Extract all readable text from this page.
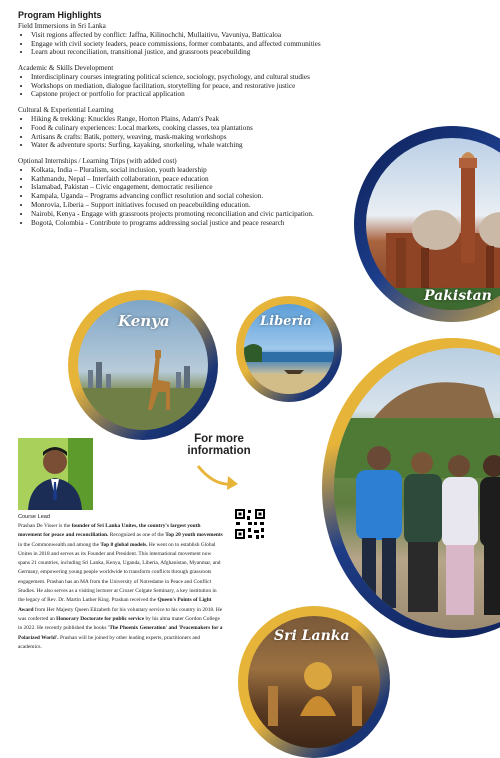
Program Highlights
Field Immersions in Sri Lanka
• Visit regions affected by conflict: Jaffna, Kilinochchi, Mullaitivu, Vavuniya, Batticaloa
• Engage with civil society leaders, peace commissions, former combatants, and affected communities
• Learn about reconciliation, transitional justice, and grassroots peacebuilding
Academic & Skills Development
• Interdisciplinary courses integrating political science, sociology, psychology, and cultural studies
• Workshops on mediation, dialogue facilitation, storytelling for peace, and restorative justice
• Capstone project or portfolio for practical application
Cultural & Experiential Learning
• Hiking & trekking: Knuckles Range, Horton Plains, Adam's Peak
• Food & culinary experiences: Local markets, cooking classes, tea plantations
• Artisans & crafts: Batik, pottery, weaving, mask-making workshops
• Water & adventure sports: Surfing, kayaking, snorkeling, whale watching
Optional Internships / Learning Trips (with added cost)
• Kolkata, India – Pluralism, social inclusion, youth leadership
• Kathmandu, Nepal – Interfaith collaboration, peace education
• Islamabad, Pakistan – Civic engagement, democratic resilience
• Kampala, Uganda – Programs advancing conflict resolution and social cohesion.
• Monrovia, Liberia – Support initiatives focused on peacebuilding education.
• Nairobi, Kenya - Engage with grassroots projects promoting reconciliation and civic participation.
• Bogotá, Colombia - Contribute to programs addressing social justice and peace research
Pakistan
Kenya	Liberia
Sri Lanka
For more information
Course Lead
Prashan De Visser is the founder of Sri Lanka Unites, the country's largest youth movement for peace and reconciliation. Recognized as one of the Top 20 youth movements in the Commonwealth and among the Top 8 global models. He went on to establish Global Unites in 2018 and serves as its Founder and President. This international movement now spans 21 countries, including Sri Lanka, Kenya, Uganda, Liberia, Afghanistan, Myanmar, and Germany, empowering young people worldwide to transform conflicts through grassroots engagement. Prashan has an MA from the University of Notredame in Peace and Conflict Studies. He also serves as a visiting lecturer at Crozer Colgate Seminary, a key institution in the legacy of Rev. Dr. Martin Luther King. Prashan received the Queen's Points of Light Award from Her Majesty Queen Elizabeth for his voluntary service to his country in 2018. He was conferred an Honorary Doctorate for public service by his alma mater Gordon College in 2022. He recently published the books 'The Phoenix Generation' and 'Peacemakers for a Polarized World'. Prashan will be joined by other leading experts, practitioners and academics.
